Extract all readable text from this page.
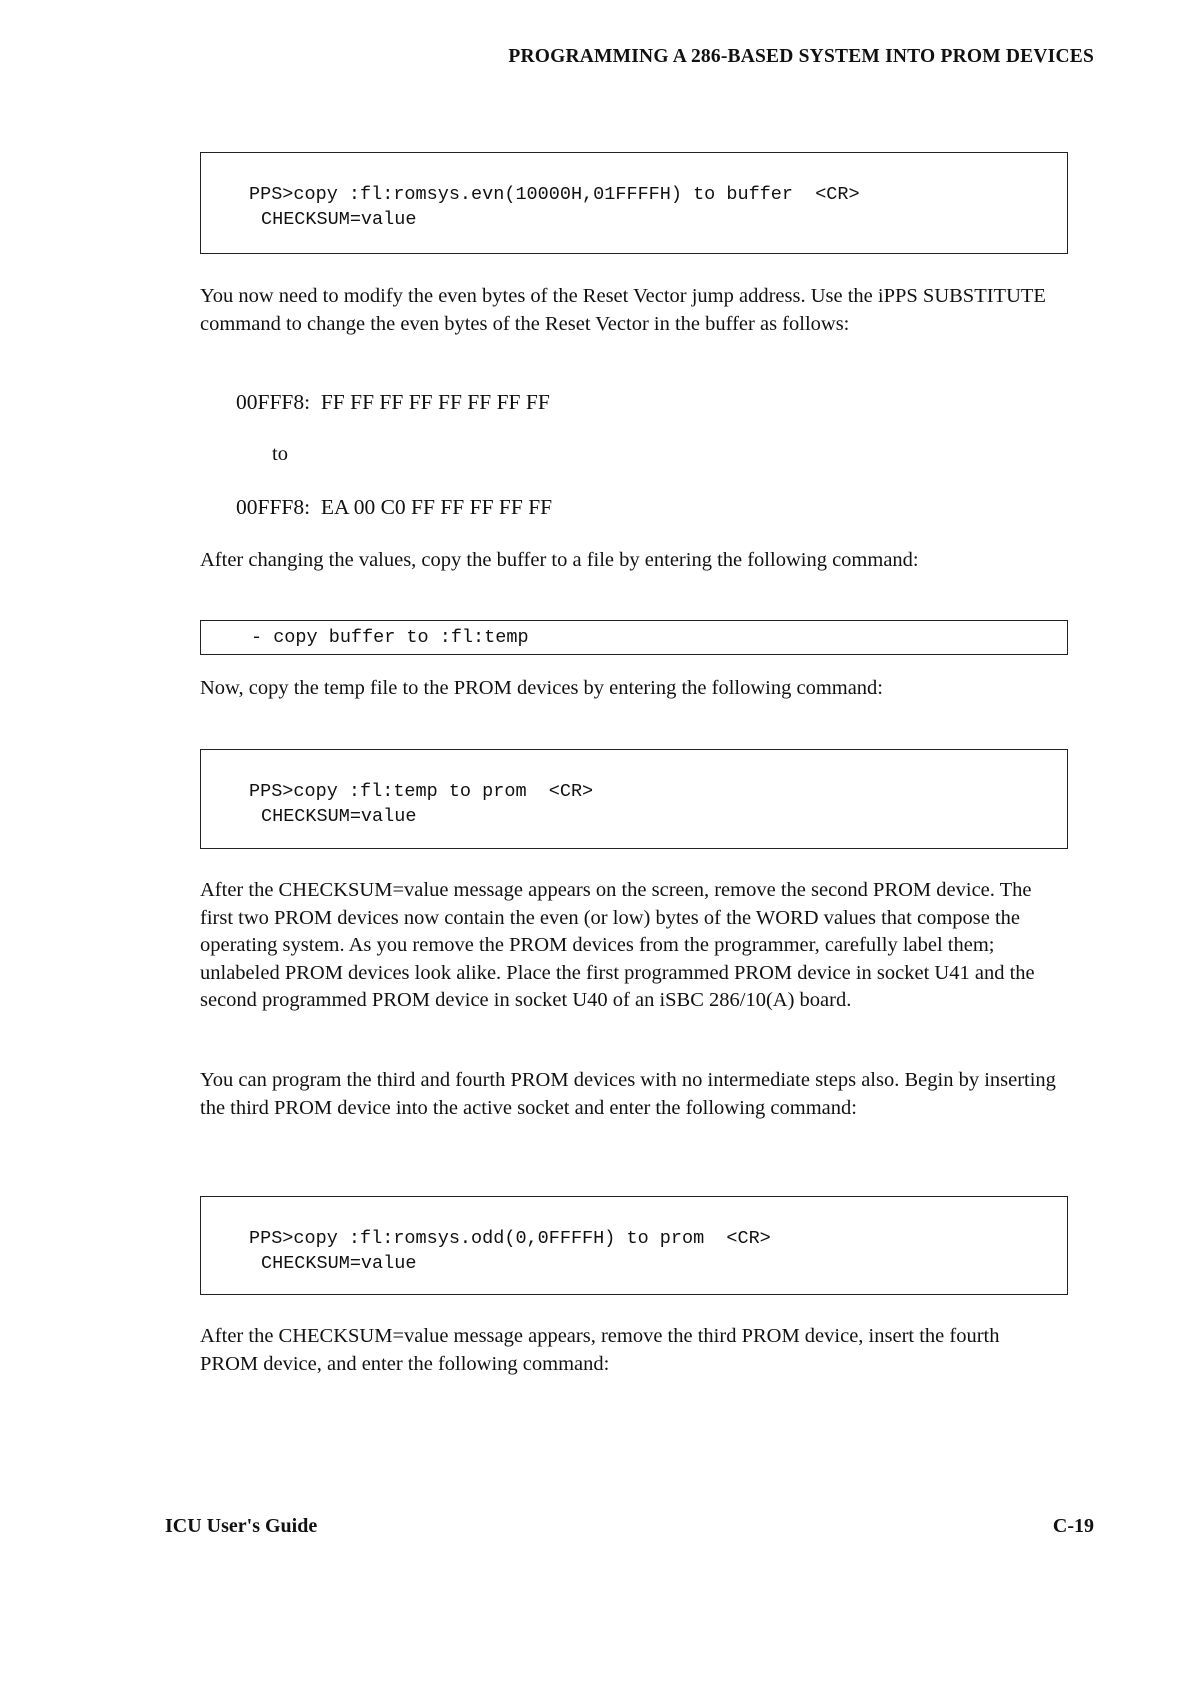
PROGRAMMING A 286-BASED SYSTEM INTO PROM DEVICES
PPS>copy :fl:romsys.evn(10000H,01FFFFH) to buffer  <CR>
CHECKSUM=value

You now need to modify the even bytes of the Reset Vector jump address. Use the iPPS SUBSTITUTE command to change the even bytes of the Reset Vector in the buffer as follows:

00FFF8:  FF FF FF FF FF FF FF FF
to
00FFF8:  EA 00 C0 FF FF FF FF FF

After changing the values, copy the buffer to a file by entering the following command:

- copy buffer to :fl:temp

Now, copy the temp file to the PROM devices by entering the following command:

PPS>copy :fl:temp to prom  <CR>
CHECKSUM=value

After the CHECKSUM=value message appears on the screen, remove the second PROM device. The first two PROM devices now contain the even (or low) bytes of the WORD values that compose the operating system. As you remove the PROM devices from the programmer, carefully label them; unlabeled PROM devices look alike. Place the first programmed PROM device in socket U41 and the second programmed PROM device in socket U40 of an iSBC 286/10(A) board.

You can program the third and fourth PROM devices with no intermediate steps also. Begin by inserting the third PROM device into the active socket and enter the following command:

PPS>copy :fl:romsys.odd(0,0FFFFH) to prom  <CR>
CHECKSUM=value

After the CHECKSUM=value message appears, remove the third PROM device, insert the fourth PROM device, and enter the following command:

ICU User's Guide	C-19
